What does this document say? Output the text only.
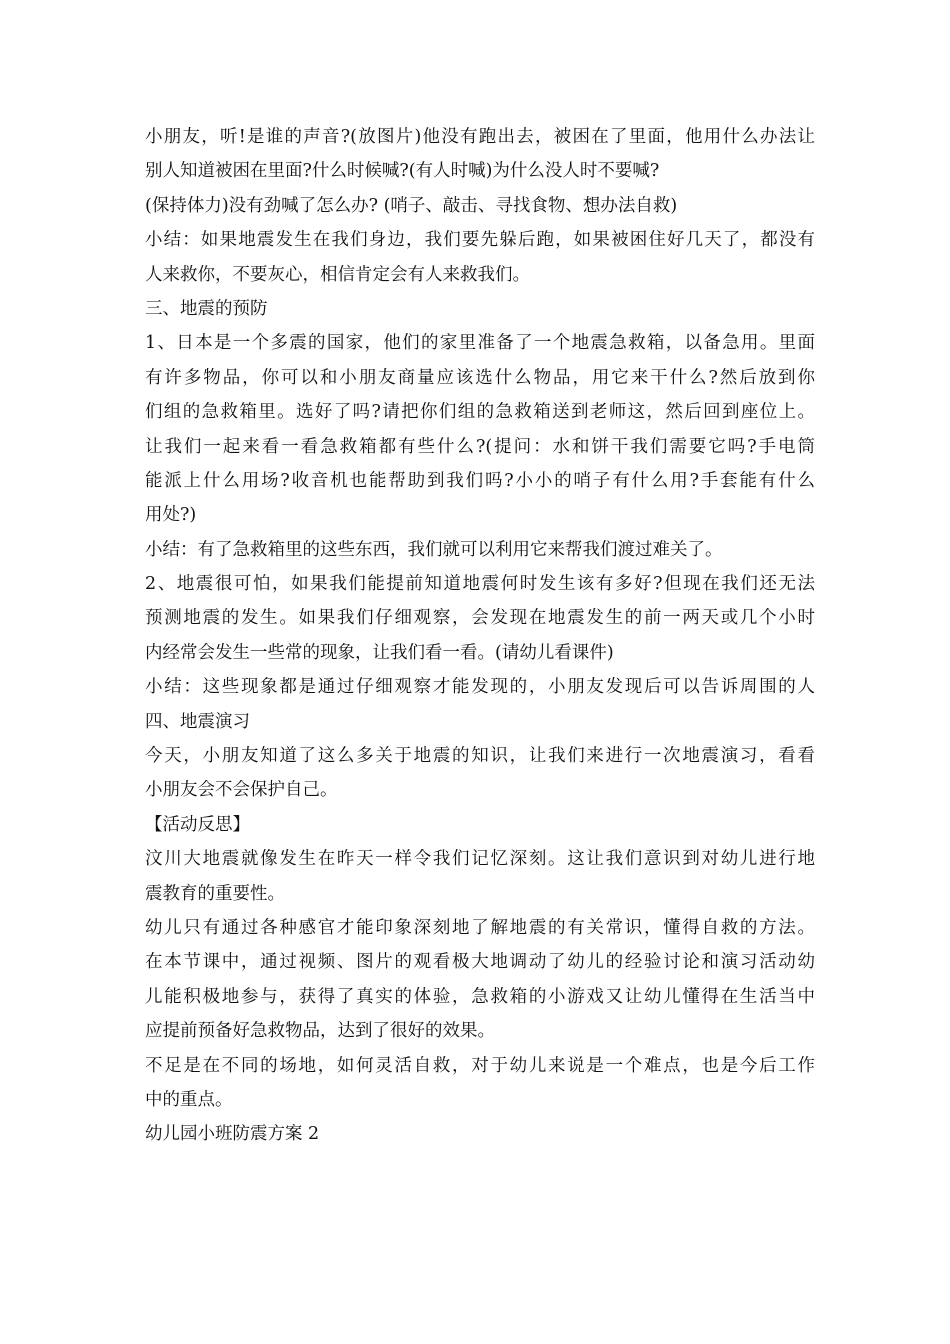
小朋友，听!是谁的声音?(放图片)他没有跑出去，被困在了里面，他用什么办法让
别人知道被困在里面?什么时候喊?(有人时喊)为什么没人时不要喊?
(保持体力)没有劲喊了怎么办? (哨子、敲击、寻找食物、想办法自救)
小结：如果地震发生在我们身边，我们要先躲后跑，如果被困住好几天了，都没有
人来救你，不要灰心，相信肯定会有人来救我们。
三、地震的预防
1、日本是一个多震的国家，他们的家里准备了一个地震急救箱，以备急用。里面
有许多物品，你可以和小朋友商量应该选什么物品，用它来干什么?然后放到你
们组的急救箱里。选好了吗?请把你们组的急救箱送到老师这，然后回到座位上。
让我们一起来看一看急救箱都有些什么?(提问：水和饼干我们需要它吗?手电筒
能派上什么用场?收音机也能帮助到我们吗?小小的哨子有什么用?手套能有什么
用处?)
小结：有了急救箱里的这些东西，我们就可以利用它来帮我们渡过难关了。
2、地震很可怕，如果我们能提前知道地震何时发生该有多好?但现在我们还无法
预测地震的发生。如果我们仔细观察，会发现在地震发生的前一两天或几个小时
内经常会发生一些常的现象，让我们看一看。(请幼儿看课件)
小结：这些现象都是通过仔细观察才能发现的，小朋友发现后可以告诉周围的人
四、地震演习
今天，小朋友知道了这么多关于地震的知识，让我们来进行一次地震演习，看看
小朋友会不会保护自己。
【活动反思】
汶川大地震就像发生在昨天一样令我们记忆深刻。这让我们意识到对幼儿进行地
震教育的重要性。
幼儿只有通过各种感官才能印象深刻地了解地震的有关常识，懂得自救的方法。
在本节课中，通过视频、图片的观看极大地调动了幼儿的经验讨论和演习活动幼
儿能积极地参与，获得了真实的体验，急救箱的小游戏又让幼儿懂得在生活当中
应提前预备好急救物品，达到了很好的效果。
不足是在不同的场地，如何灵活自救，对于幼儿来说是一个难点，也是今后工作
中的重点。
幼儿园小班防震方案 2
